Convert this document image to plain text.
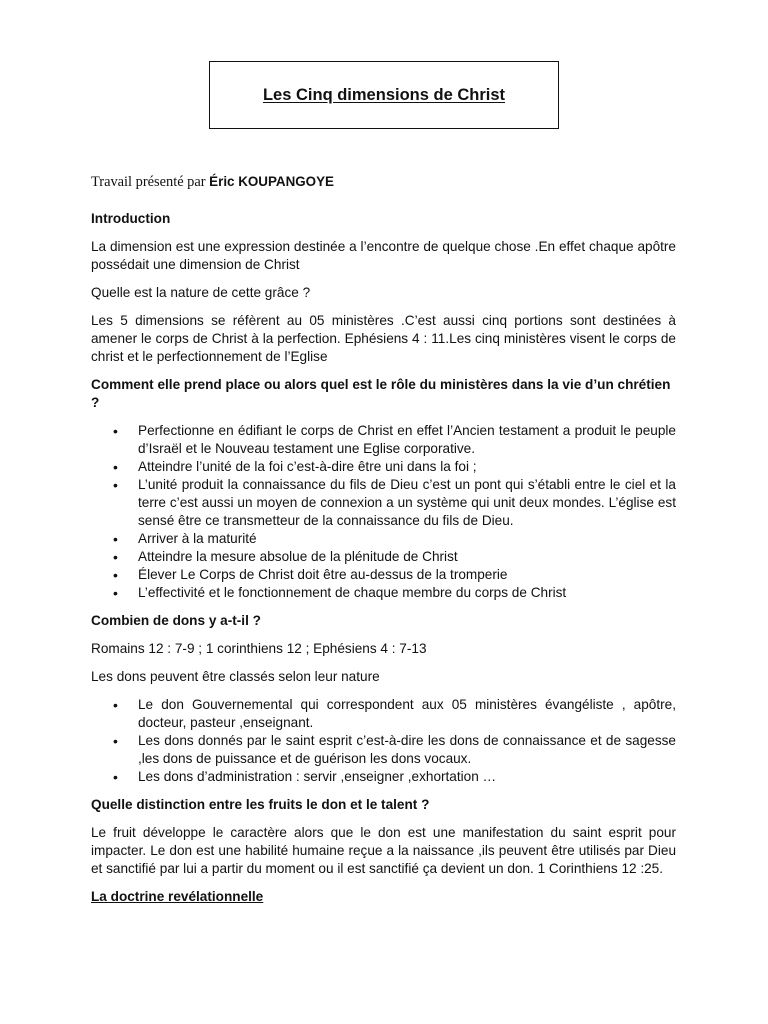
Les Cinq dimensions de Christ
Travail présenté par Éric KOUPANGOYE
Introduction

La dimension est une expression destinée a l’encontre de quelque chose .En effet chaque apôtre possédait une dimension de Christ

Quelle est la nature de cette grâce ?

Les 5 dimensions se réfèrent au 05 ministères .C’est aussi cinq portions sont destinées à amener le corps de Christ à la perfection. Ephésiens 4 : 11.Les cinq ministères visent le corps de christ et le perfectionnement de l’Eglise

Comment elle prend place ou alors quel est le rôle du ministères dans la vie d’un chrétien ?
• Perfectionne en édifiant le corps de Christ en effet l’Ancien testament a produit le peuple d’Israël et le Nouveau testament une Eglise corporative.
• Atteindre l’unité de la foi c’est-à-dire être uni dans la foi ;
• L’unité produit la connaissance du fils de Dieu c’est un pont qui s’établi entre le ciel et la terre c’est aussi un moyen de connexion a un système qui unit deux mondes. L’église est sensé être ce transmetteur de la connaissance du fils de Dieu.
• Arriver à la maturité
• Atteindre la mesure absolue de la plénitude de Christ
• Élever Le Corps de Christ doit être au-dessus de la tromperie
• L’effectivité et le fonctionnement de chaque membre du corps de Christ
Combien de dons y a-t-il ?

Romains 12 : 7-9 ; 1 corinthiens 12 ; Ephésiens 4 : 7-13

Les dons peuvent être classés selon leur nature

• Le don Gouvernemental qui correspondent aux 05 ministères évangéliste , apôtre, docteur, pasteur ,enseignant.
• Les dons donnés par le saint esprit c’est-à-dire les dons de connaissance et de sagesse ,les dons de puissance et de guérison les dons vocaux.
• Les dons d’administration : servir ,enseigner ,exhortation …
Quelle distinction entre les fruits le don et le talent ?

Le fruit développe le caractère alors que le don est une manifestation du saint esprit pour impacter. Le don est une habilité humaine reçue a la naissance ,ils peuvent être utilisés par Dieu et sanctifié par lui a partir du moment ou il est sanctifié ça devient un don. 1 Corinthiens 12 :25.

La doctrine revélationnelle
